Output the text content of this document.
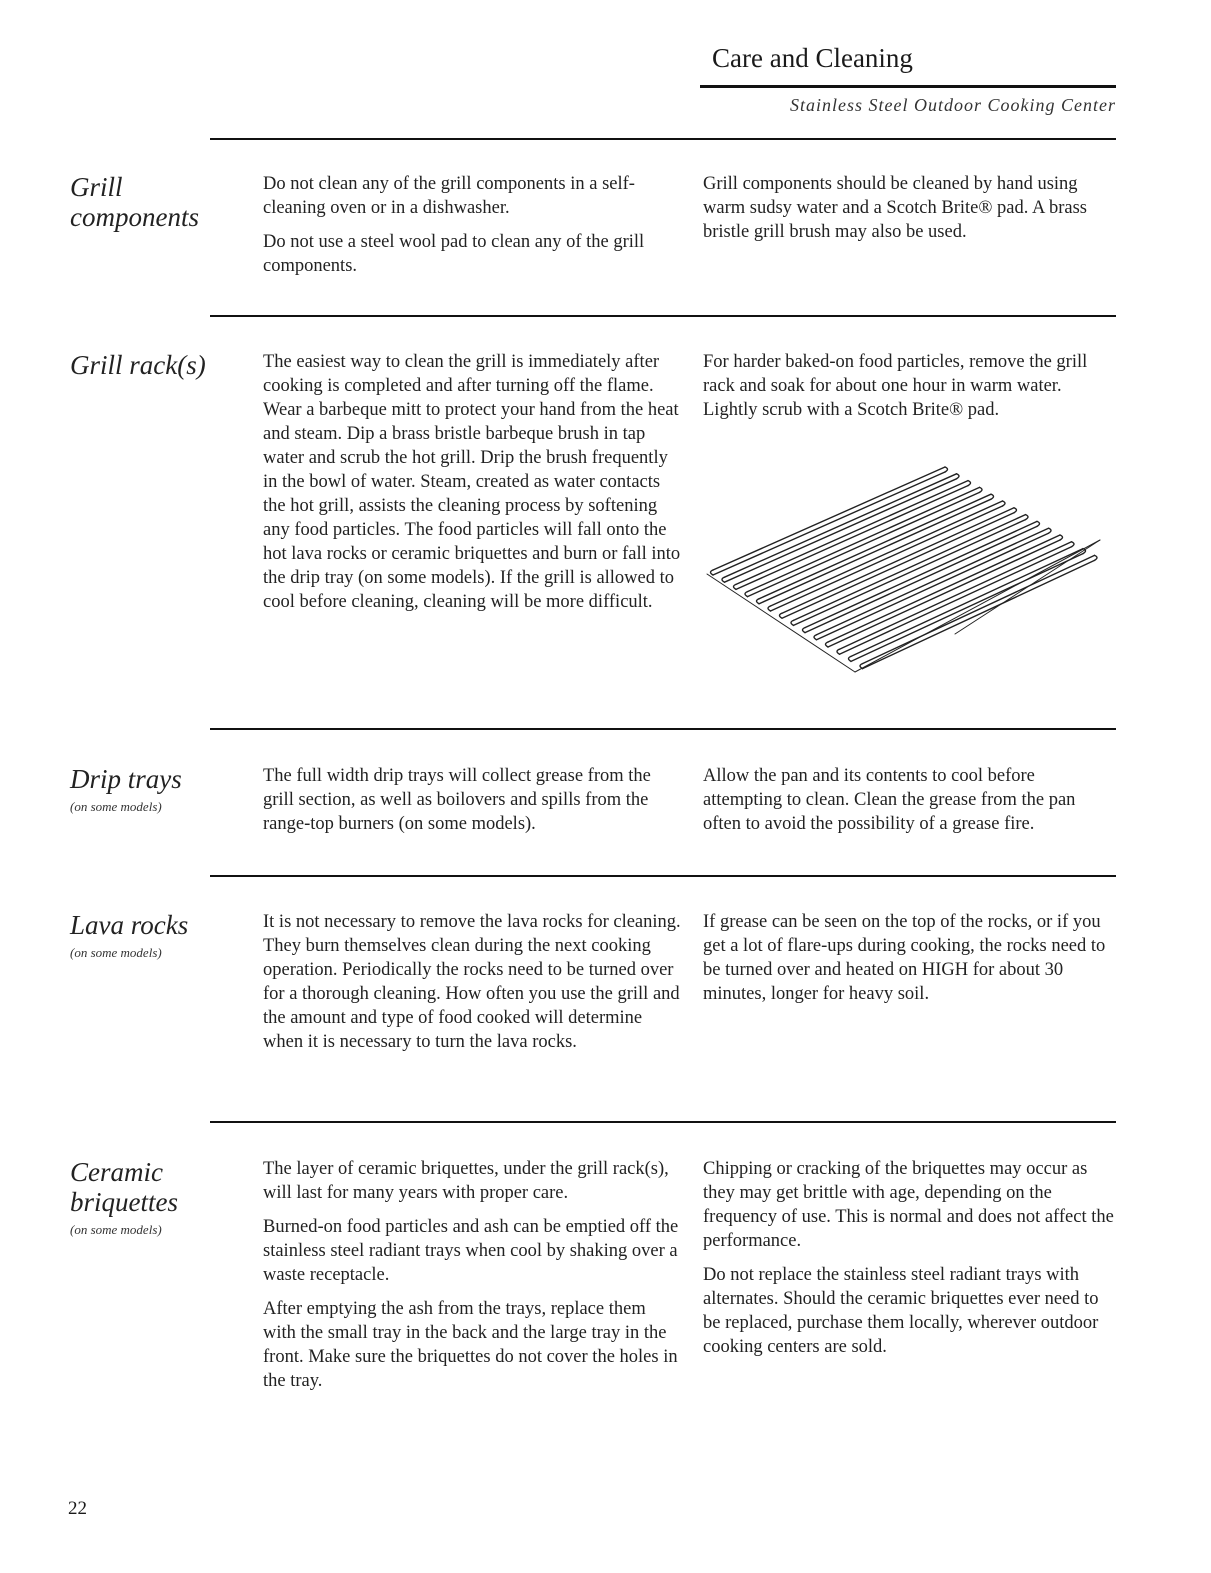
Care and Cleaning
Stainless Steel Outdoor Cooking Center
Grill components

Do not clean any of the grill components in a self-cleaning oven or in a dishwasher.

Do not use a steel wool pad to clean any of the grill components.

Grill components should be cleaned by hand using warm sudsy water and a Scotch Brite® pad. A brass bristle grill brush may also be used.

Grill rack(s)	The easiest way to clean the grill is immediately after cooking is completed and after turning off the flame. Wear a barbeque mitt to protect your hand from the heat and steam. Dip a brass bristle barbeque brush in tap water and scrub the hot grill. Drip the brush frequently in the bowl of water. Steam, created as water contacts the hot grill, assists the cleaning process by softening any food particles. The food particles will fall onto the hot lava rocks or ceramic briquettes and burn or fall into the drip tray (on some models). If the grill is allowed to cool before cleaning, cleaning will be more difficult.

For harder baked-on food particles, remove the grill rack and soak for about one hour in warm water. Lightly scrub with a Scotch Brite® pad.

Drip trays
(on some models)

The full width drip trays will collect grease from the grill section, as well as boilovers and spills from the range-top burners (on some models).

Allow the pan and its contents to cool before attempting to clean. Clean the grease from the pan often to avoid the possibility of a grease fire.

Lava rocks
(on some models)

It is not necessary to remove the lava rocks for cleaning. They burn themselves clean during the next cooking operation. Periodically the rocks need to be turned over for a thorough cleaning. How often you use the grill and the amount and type of food cooked will determine when it is necessary to turn the lava rocks.

If grease can be seen on the top of the rocks, or if you get a lot of flare-ups during cooking, the rocks need to be turned over and heated on HIGH for about 30 minutes, longer for heavy soil.

Ceramic briquettes
(on some models)

The layer of ceramic briquettes, under the grill rack(s), will last for many years with proper care.

Burned-on food particles and ash can be emptied off the stainless steel radiant trays when cool by shaking over a waste receptacle.

After emptying the ash from the trays, replace them with the small tray in the back and the large tray in the front. Make sure the briquettes do not cover the holes in the tray.

Chipping or cracking of the briquettes may occur as they may get brittle with age, depending on the frequency of use. This is normal and does not affect the performance.

Do not replace the stainless steel radiant trays with alternates. Should the ceramic briquettes ever need to be replaced, purchase them locally, wherever outdoor cooking centers are sold.

22
